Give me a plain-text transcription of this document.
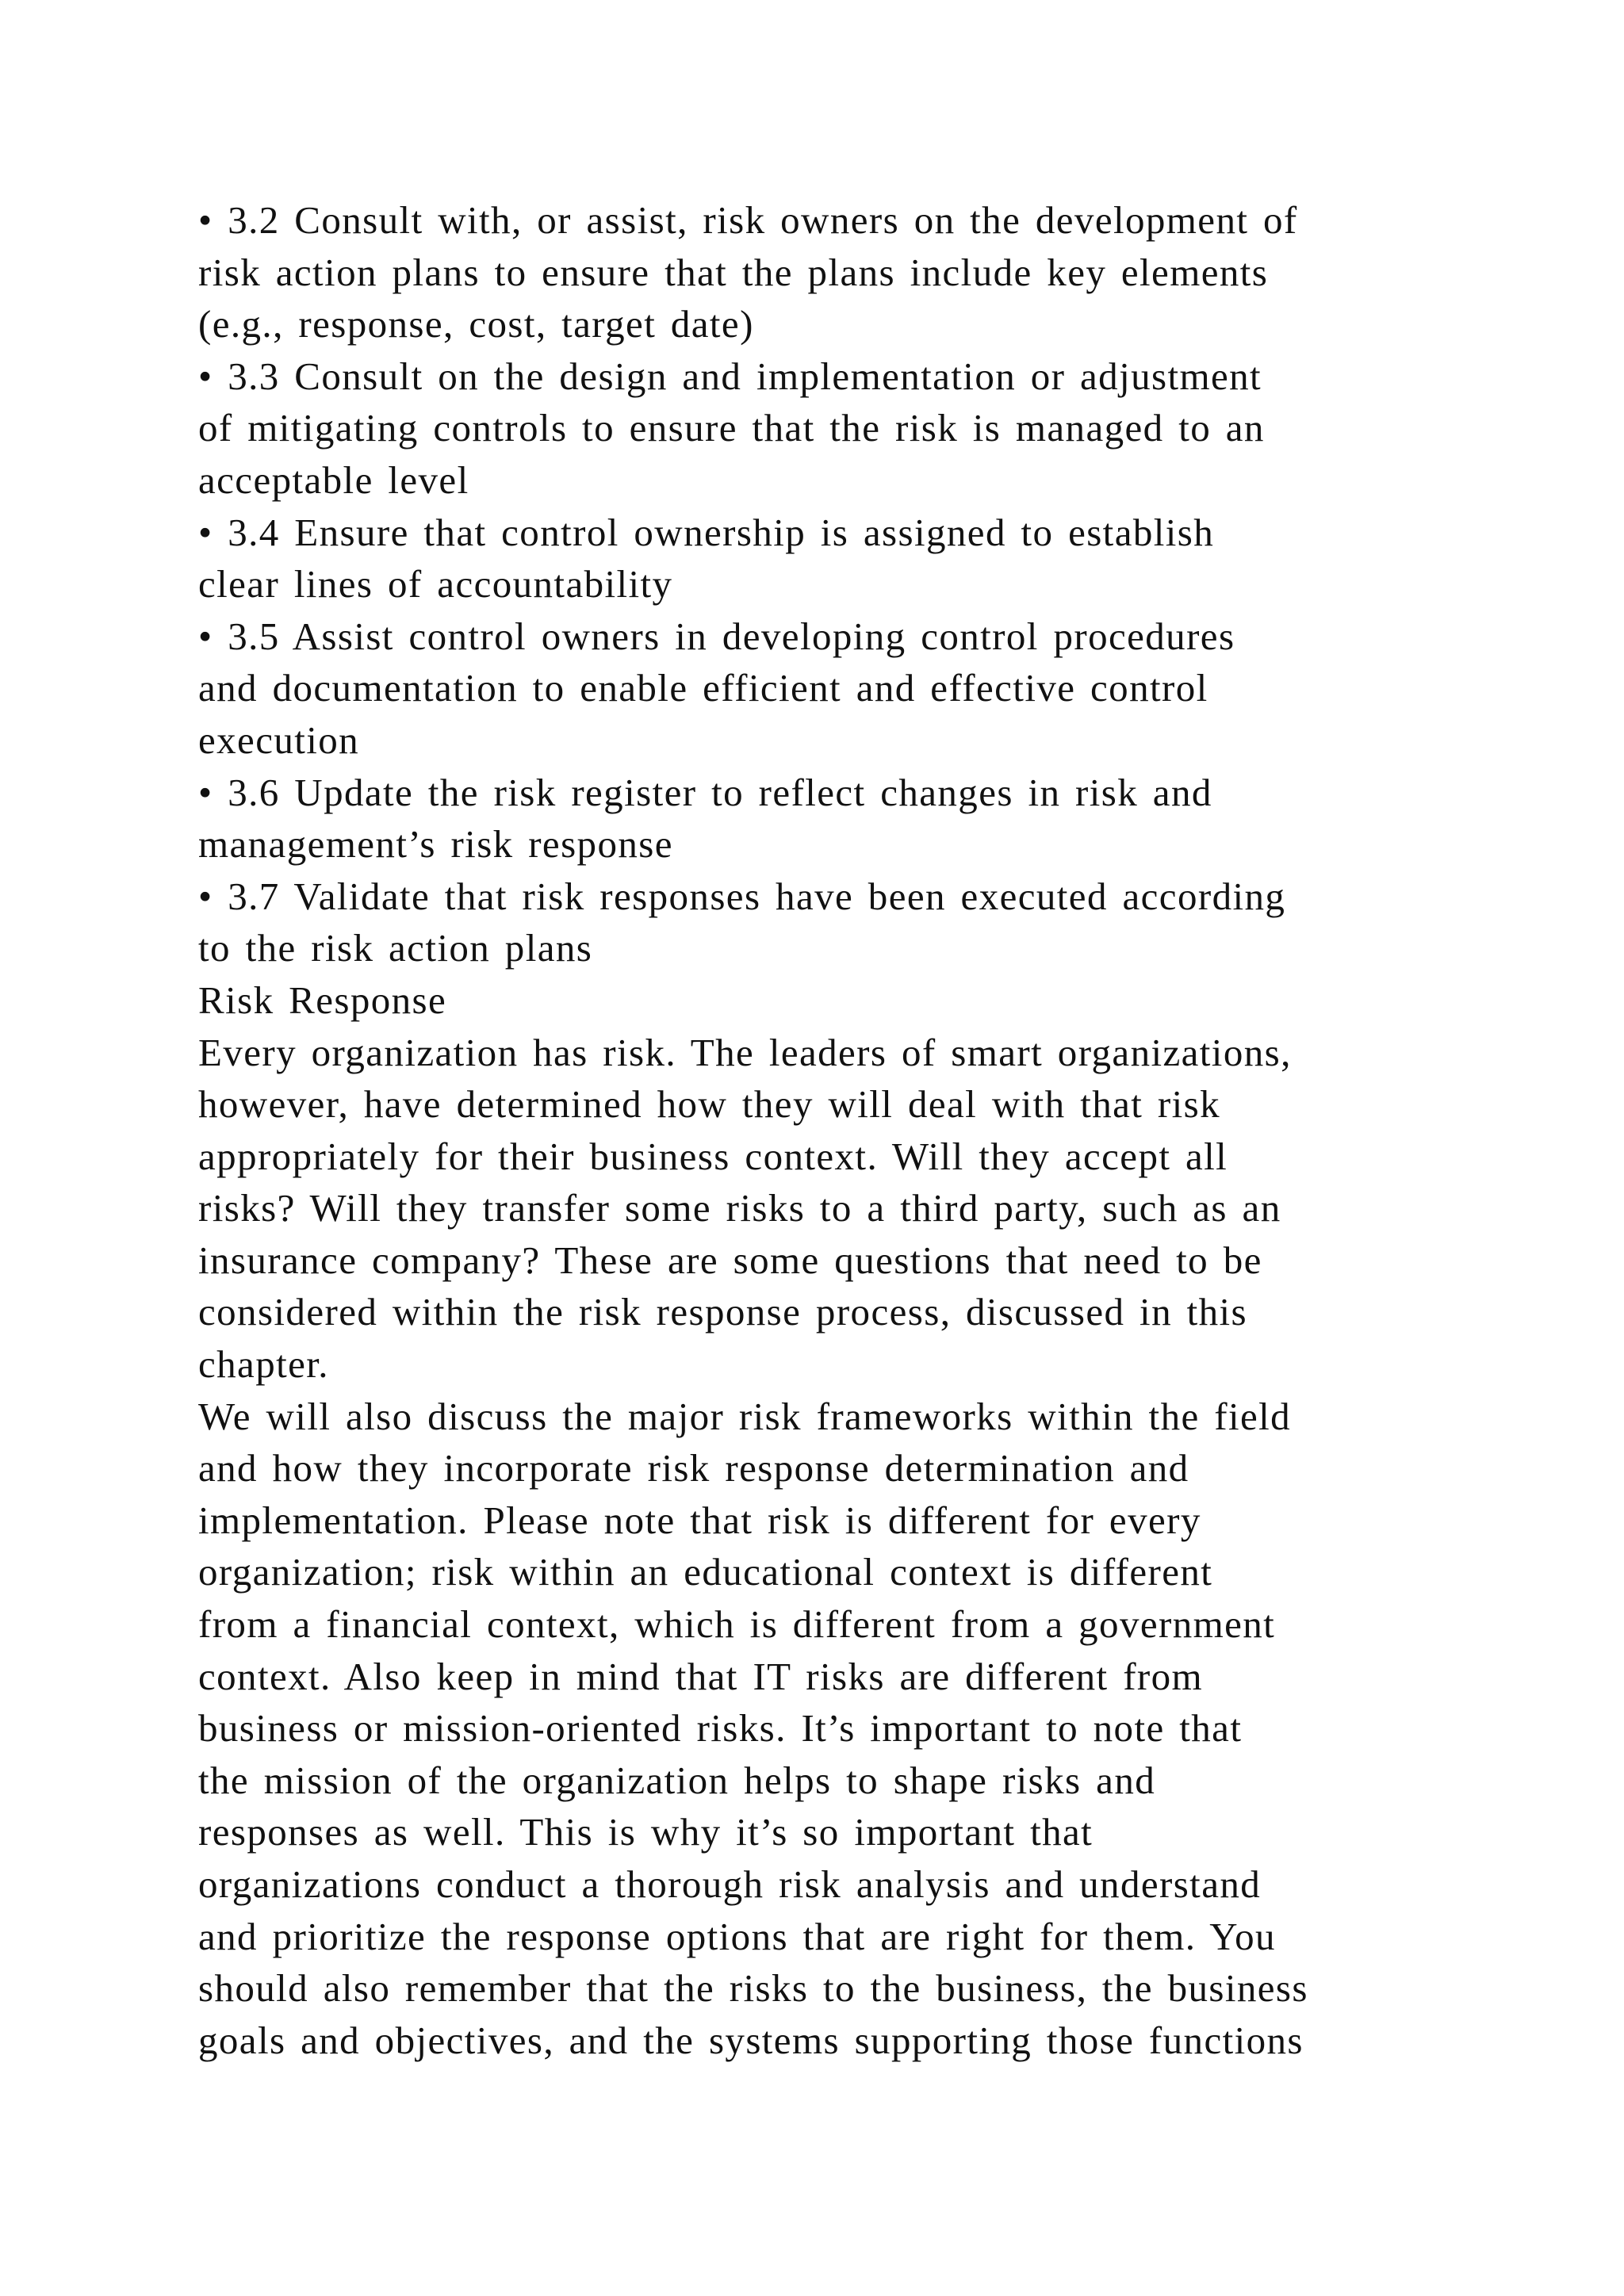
• 3.2 Consult with, or assist, risk owners on the development of
risk action plans to ensure that the plans include key elements
(e.g., response, cost, target date)
• 3.3 Consult on the design and implementation or adjustment
of mitigating controls to ensure that the risk is managed to an
acceptable level
• 3.4 Ensure that control ownership is assigned to establish
clear lines of accountability
• 3.5 Assist control owners in developing control procedures
and documentation to enable efficient and effective control
execution
• 3.6 Update the risk register to reflect changes in risk and
management’s risk response
• 3.7 Validate that risk responses have been executed according
to the risk action plans
Risk Response
Every organization has risk. The leaders of smart organizations,
however, have determined how they will deal with that risk
appropriately for their business context. Will they accept all
risks? Will they transfer some risks to a third party, such as an
insurance company? These are some questions that need to be
considered within the risk response process, discussed in this
chapter.
We will also discuss the major risk frameworks within the field
and how they incorporate risk response determination and
implementation. Please note that risk is different for every
organization; risk within an educational context is different
from a financial context, which is different from a government
context. Also keep in mind that IT risks are different from
business or mission-oriented risks. It’s important to note that
the mission of the organization helps to shape risks and
responses as well. This is why it’s so important that
organizations conduct a thorough risk analysis and understand
and prioritize the response options that are right for them. You
should also remember that the risks to the business, the business
goals and objectives, and the systems supporting those functions
